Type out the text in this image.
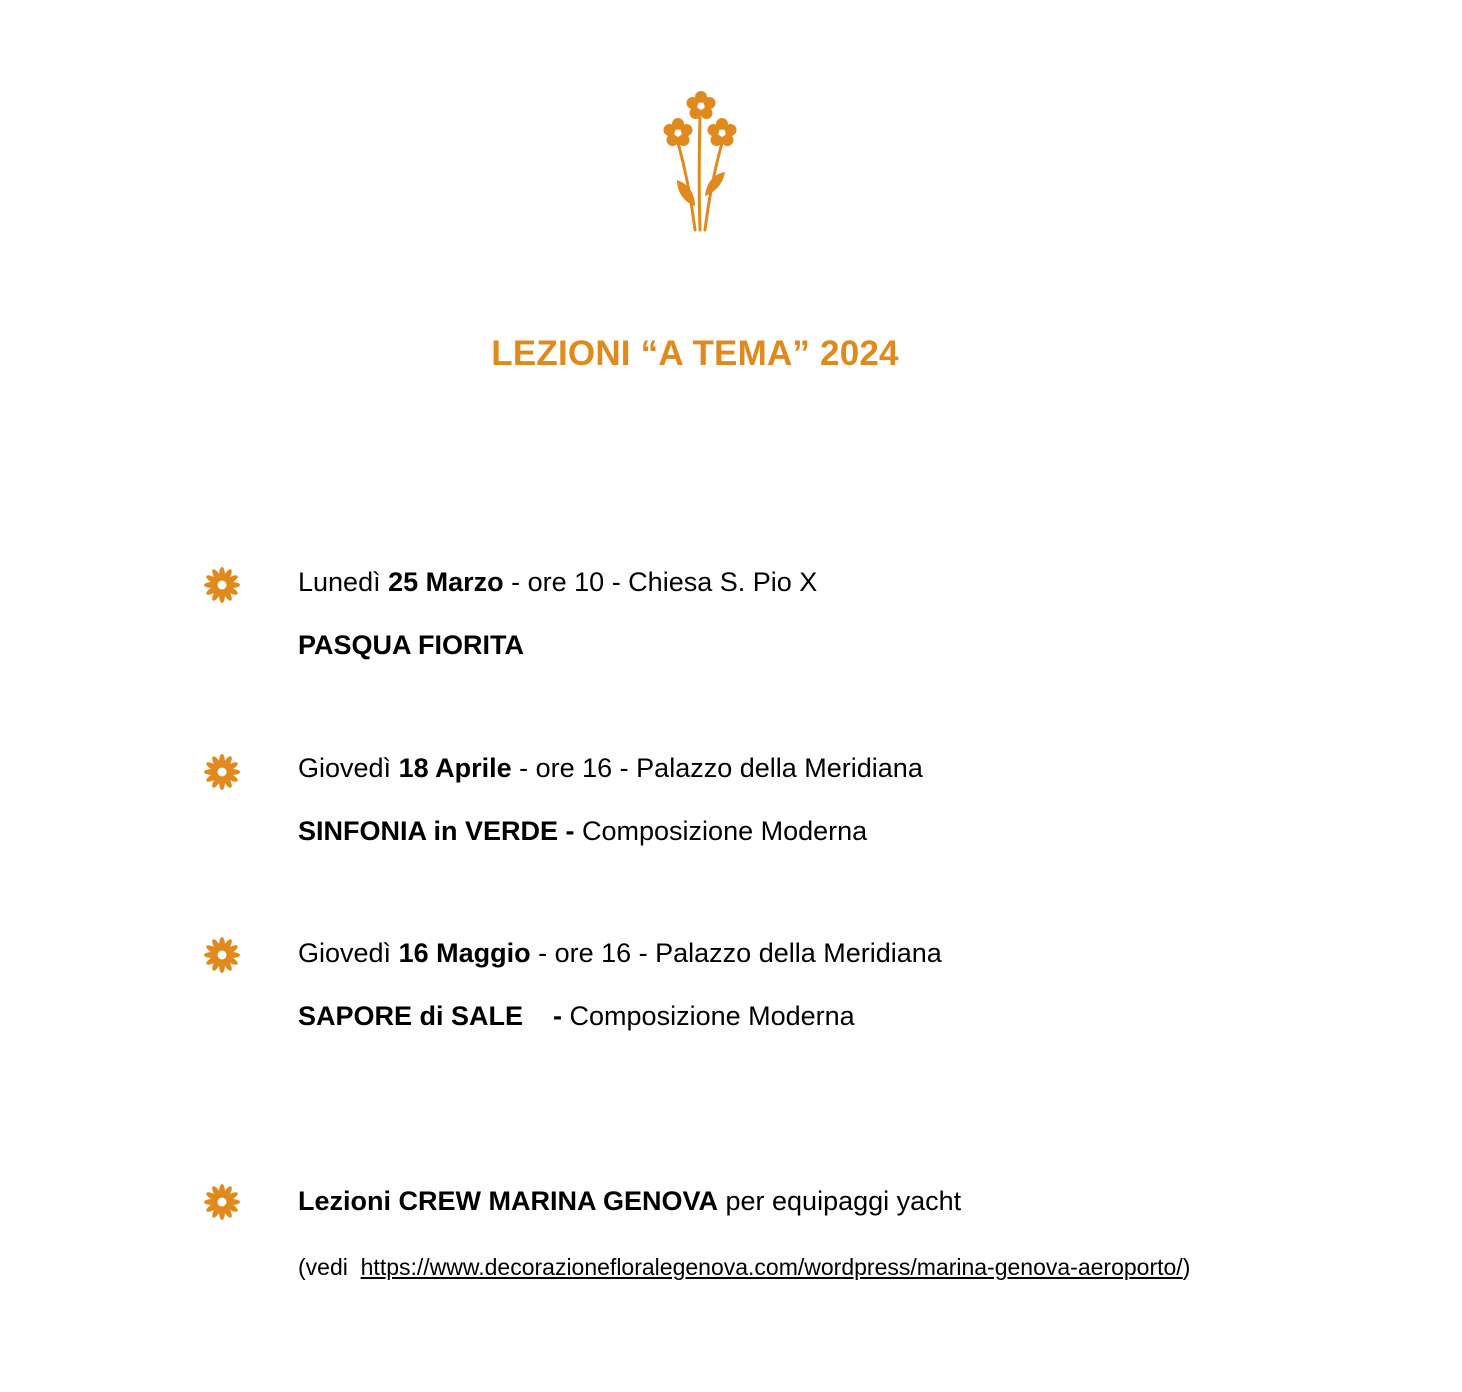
LEZIONI “A TEMA” 2024
Lunedì 25 Marzo - ore 10 - Chiesa S. Pio X
PASQUA FIORITA
Giovedì 18 Aprile - ore 16 - Palazzo della Meridiana
SINFONIA in VERDE - Composizione Moderna
Giovedì 16 Maggio - ore 16 - Palazzo della Meridiana
SAPORE di SALE    - Composizione Moderna
Lezioni CREW MARINA GENOVA per equipaggi yacht
(vedi  https://www.decorazionefloralegenova.com/wordpress/marina-genova-aeroporto/)
